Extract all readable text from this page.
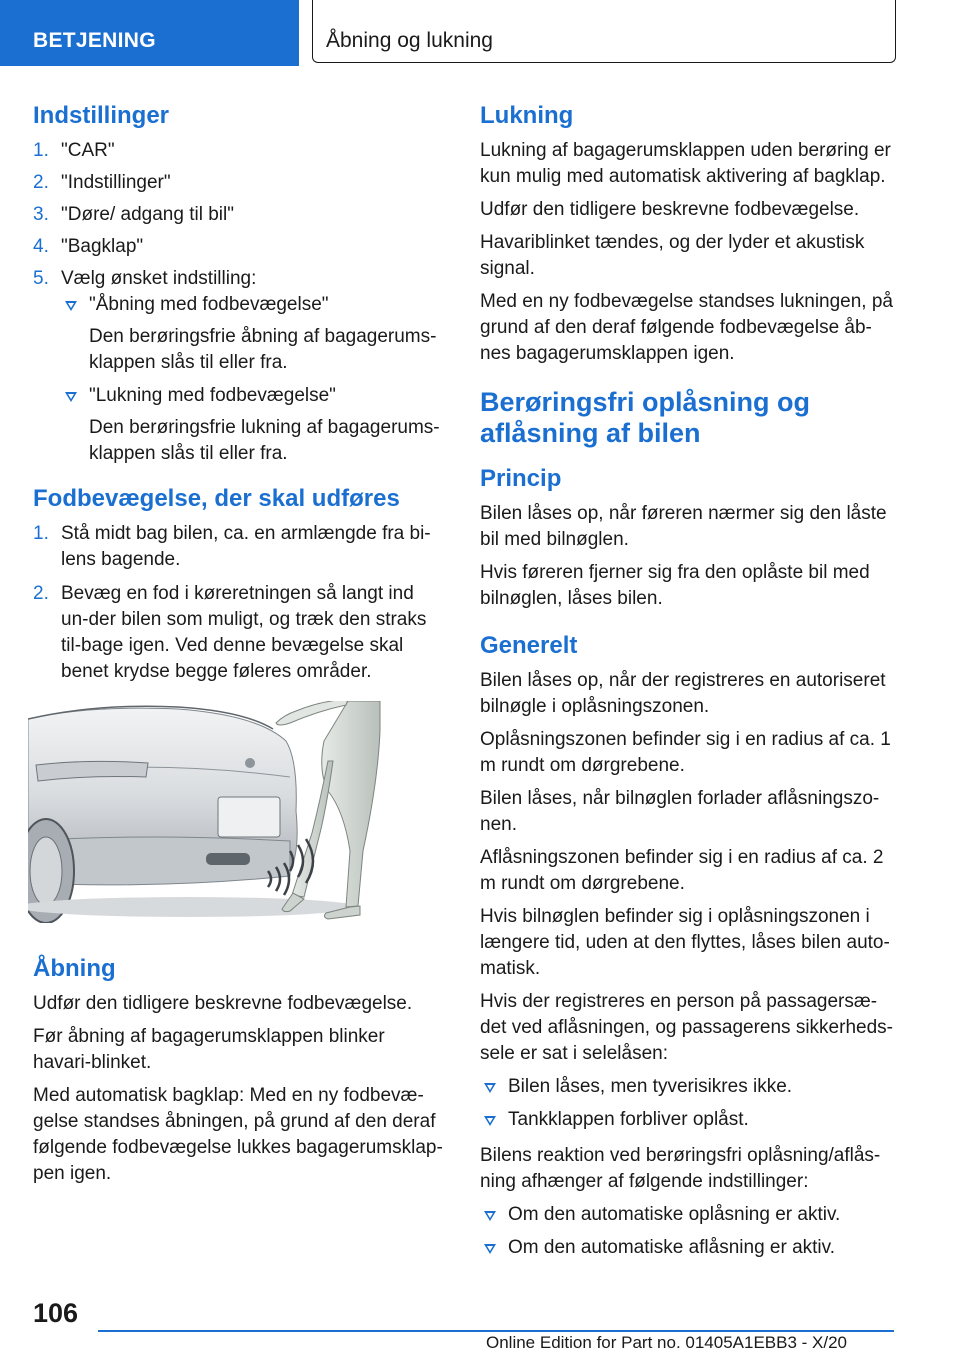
BETJENING	Åbning og lukning
Indstillinger
1. "CAR"
2. "Indstillinger"
3. "Døre/ adgang til bil"
4. "Bagklap"
5. Vælg ønsket indstilling:
"Åbning med fodbevægelse"
Den berøringsfrie åbning af bagagerums-klappen slås til eller fra.
"Lukning med fodbevægelse"
Den berøringsfrie lukning af bagagerums-klappen slås til eller fra.
Fodbevægelse, der skal udføres
1. Stå midt bag bilen, ca. en armlængde fra bi-lens bagende.
2. Bevæg en fod i køreretningen så langt ind un-der bilen som muligt, og træk den straks til-bage igen. Ved denne bevægelse skal benet krydse begge føleres områder.
Åbning

Udfør den tidligere beskrevne fodbevægelse.

Før åbning af bagagerumsklappen blinker havari-blinket.

Med automatisk bagklap: Med en ny fodbevæ-gelse standses åbningen, på grund af den deraf følgende fodbevægelse lukkes bagagerumsklap-pen igen.

Lukning

Lukning af bagagerumsklappen uden berøring er kun mulig med automatisk aktivering af bagklap.

Udfør den tidligere beskrevne fodbevægelse.

Havariblinket tændes, og der lyder et akustisk signal.

Med en ny fodbevægelse standses lukningen, på grund af den deraf følgende fodbevægelse åb-nes bagagerumsklappen igen.

Berøringsfri oplåsning og aflåsning af bilen
Princip

Bilen låses op, når føreren nærmer sig den låste bil med bilnøglen.

Hvis føreren fjerner sig fra den oplåste bil med bilnøglen, låses bilen.

Generelt

Bilen låses op, når der registreres en autoriseret bilnøgle i oplåsningszonen.

Oplåsningszonen befinder sig i en radius af ca. 1 m rundt om dørgrebene.

Bilen låses, når bilnøglen forlader aflåsningszo-nen.

Aflåsningszonen befinder sig i en radius af ca. 2 m rundt om dørgrebene.

Hvis bilnøglen befinder sig i oplåsningszonen i længere tid, uden at den flyttes, låses bilen auto-matisk.

Hvis der registreres en person på passagersæ-det ved aflåsningen, og passagerens sikkerheds-sele er sat i selelåsen:

Bilen låses, men tyverisikres ikke.
Tankklappen forbliver oplåst.

Bilens reaktion ved berøringsfri oplåsning/aflås-ning afhænger af følgende indstillinger:

Om den automatiske oplåsning er aktiv.
Om den automatiske aflåsning er aktiv.
106
Online Edition for Part no. 01405A1EBB3 - X/20
